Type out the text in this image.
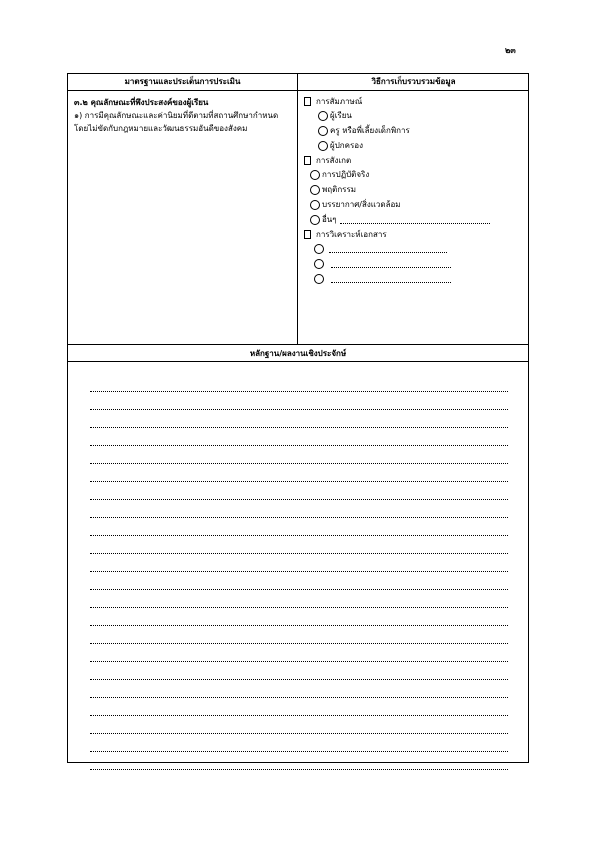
๒๓
มาตรฐานและประเด็นการประเมิน	วิธีการเก็บรวบรวมข้อมูล
๓.๒ คุณลักษณะที่พึงประสงค์ของผู้เรียน
๑) การมีคุณลักษณะและค่านิยมที่ดีตามที่สถานศึกษากำหนด โดยไม่ขัดกับกฎหมายและวัฒนธรรมอันดีของสังคม
การสัมภาษณ์
ผู้เรียน
ครู หรือพี่เลี้ยงเด็กพิการ
ผู้ปกครอง
การสังเกต
การปฏิบัติจริง
พฤติกรรม
บรรยากาศ/สิ่งแวดล้อม
อื่นๆ
การวิเคราะห์เอกสาร
หลักฐาน/ผลงานเชิงประจักษ์
